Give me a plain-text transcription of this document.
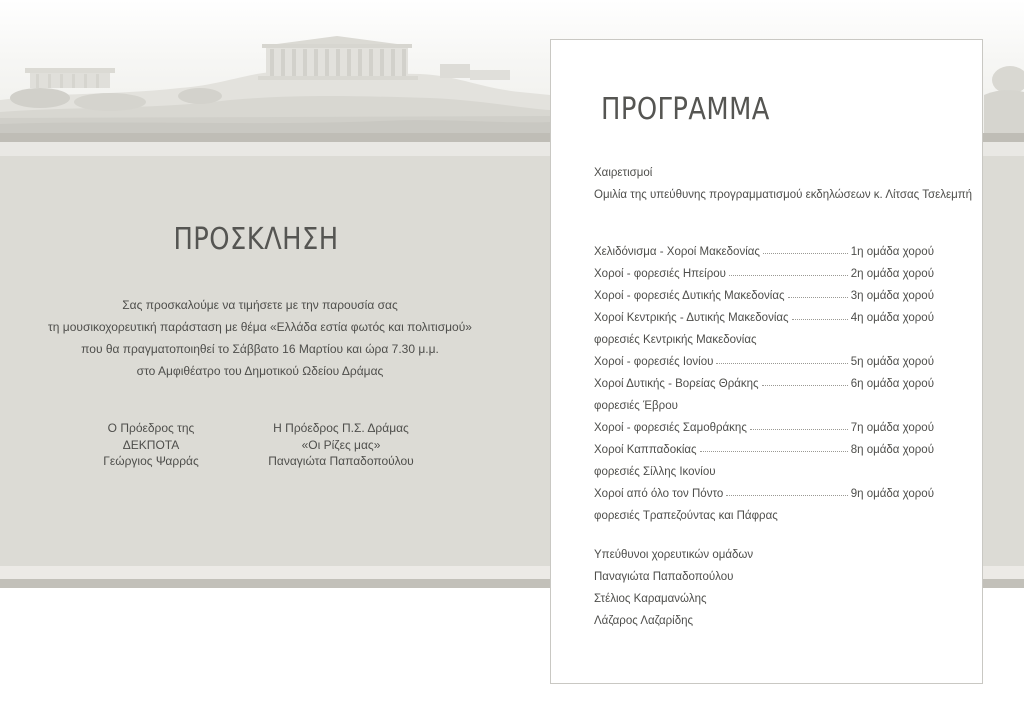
ΠΡΟΣΚΛΗΣΗ
Σας προσκαλούμε να τιμήσετε με την παρουσία σας
τη μουσικοχορευτική παράσταση με θέμα «Ελλάδα εστία φωτός και πολιτισμού»
που θα πραγματοποιηθεί το Σάββατο 16 Μαρτίου και ώρα 7.30 μ.μ.
στο Αμφιθέατρο του Δημοτικού Ωδείου Δράμας
Ο Πρόεδρος της
ΔΕΚΠΟΤΑ
Γεώργιος Ψαρράς
Η Πρόεδρος Π.Σ. Δράμας
«Οι Ρίζες μας»
Παναγιώτα Παπαδοπούλου
ΠΡΟΓΡΑΜΜΑ
Χαιρετισμοί
Ομιλία της υπεύθυνης προγραμματισμού εκδηλώσεων κ. Λίτσας Τσελεμπή
Χελιδόνισμα - Χοροί Μακεδονίας	1η ομάδα χορού
Χοροί - φορεσιές Ηπείρου	2η ομάδα χορού
Χοροί - φορεσιές Δυτικής Μακεδονίας	3η ομάδα χορού
Χοροί Κεντρικής - Δυτικής Μακεδονίας	4η ομάδα χορού
φορεσιές Κεντρικής Μακεδονίας
Χοροί - φορεσιές Ιονίου	5η ομάδα χορού
Χοροί Δυτικής - Βορείας Θράκης	6η ομάδα χορού
φορεσιές Έβρου
Χοροί - φορεσιές Σαμοθράκης	7η ομάδα χορού
Χοροί Καππαδοκίας	8η ομάδα χορού
φορεσιές Σίλλης Ικονίου
Χοροί από όλο τον Πόντο	9η ομάδα χορού
φορεσιές Τραπεζούντας και Πάφρας
Υπεύθυνοι χορευτικών ομάδων
Παναγιώτα Παπαδοπούλου
Στέλιος Καραμανώλης
Λάζαρος Λαζαρίδης
